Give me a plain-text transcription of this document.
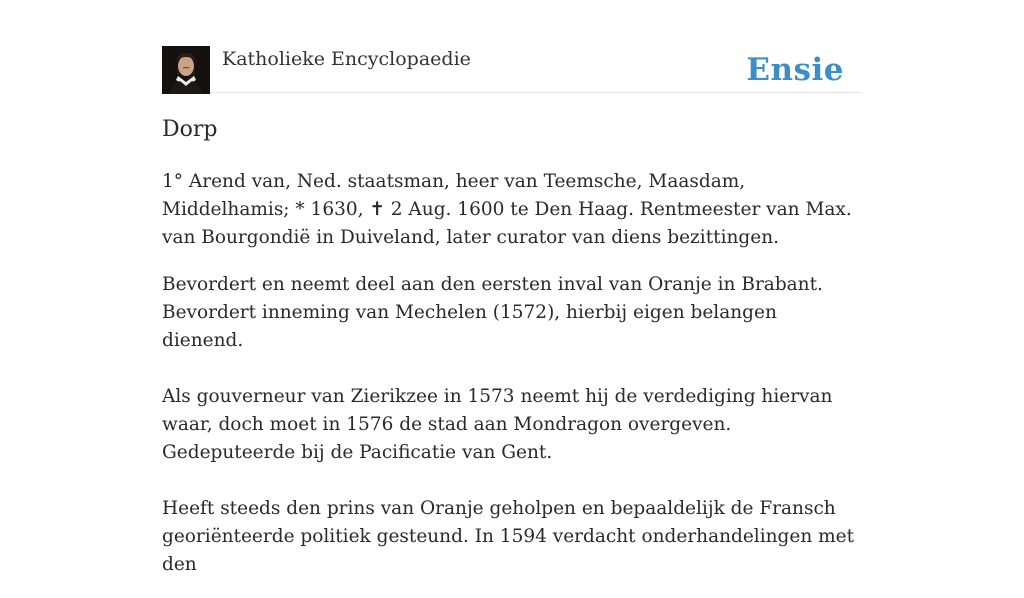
Katholieke Encyclopaedie	Ensie
Dorp

1° Arend van, Ned. staatsman, heer van Teemsche, Maasdam, Middelhamis; * 1630, ✝ 2 Aug. 1600 te Den Haag. Rentmeester van Max. van Bourgondië in Duiveland, later curator van diens bezittingen.

Bevordert en neemt deel aan den eersten inval van Oranje in Brabant. Bevordert inneming van Mechelen (1572), hierbij eigen belangen dienend.

Als gouverneur van Zierikzee in 1573 neemt hij de verdediging hiervan waar, doch moet in 1576 de stad aan Mondragon overgeven. Gedeputeerde bij de Pacificatie van Gent.

Heeft steeds den prins van Oranje geholpen en bepaaldelijk de Fransch georiënteerde politiek gesteund. In 1594 verdacht onderhandelingen met den
